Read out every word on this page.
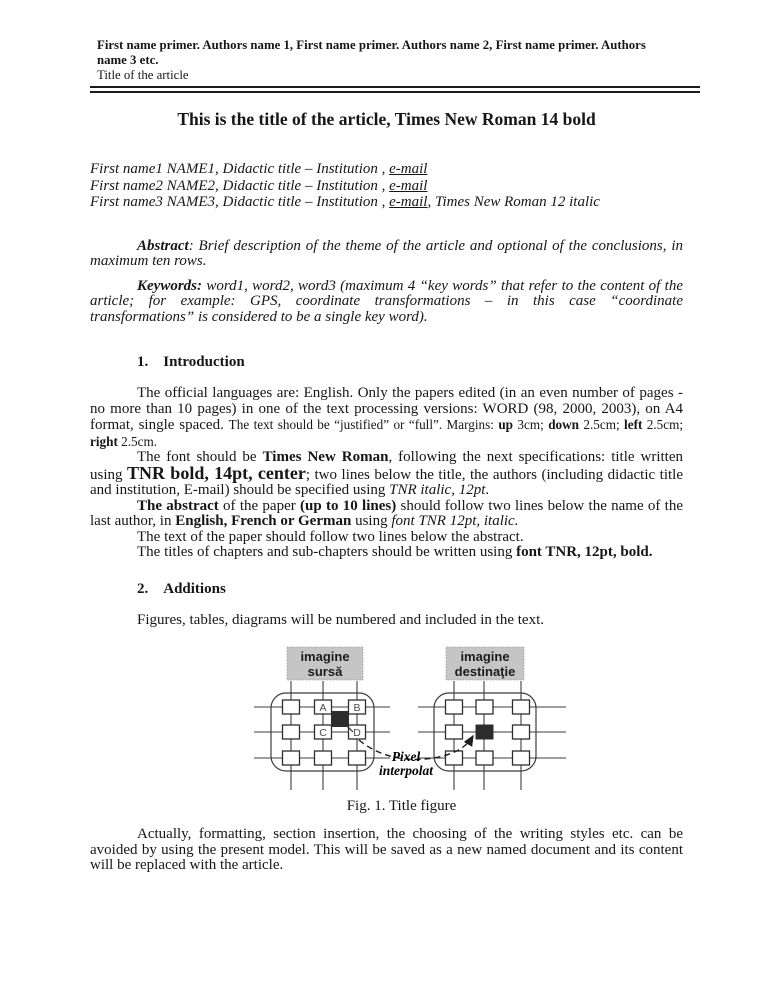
First name primer. Authors name 1, First name primer. Authors name 2, First name primer. Authors name 3 etc.
Title of the article
This is the title of the article, Times New Roman 14 bold

First name1 NAME1, Didactic title – Institution , e-mail

First name2 NAME2, Didactic title – Institution , e-mail

First name3 NAME3, Didactic title – Institution , e-mail, Times New Roman 12 italic

Abstract: Brief description of the theme of the article and optional of the conclusions, in maximum ten rows.

Keywords: word1, word2, word3 (maximum 4 “key words” that refer to the content of the article; for example: GPS, coordinate transformations – in this case “coordinate transformations” is considered to be a single key word).

1. Introduction

The official languages are: English. Only the papers edited (in an even number of pages - no more than 10 pages) in one of the text processing versions: WORD (98, 2000, 2003), on A4 format, single spaced. The text should be “justified” or “full”. Margins: up 3cm; down 2.5cm; left 2.5cm; right 2.5cm.

The font should be Times New Roman, following the next specifications: title written using TNR bold, 14pt, center; two lines below the title, the authors (including didactic title and institution, E-mail) should be specified using TNR italic, 12pt.

The abstract of the paper (up to 10 lines) should follow two lines below the name of the last author, in English, French or German using font TNR 12pt, italic.

The text of the paper should follow two lines below the abstract.

The titles of chapters and sub-chapters should be written using font TNR, 12pt, bold.

2. Additions

Figures, tables, diagrams will be numbered and included in the text.

imagine
sursă
imagine
destinaţie
A	B
C	D
Pixel
interpolat
Fig. 1. Title figure

Actually, formatting, section insertion, the choosing of the writing styles etc. can be avoided by using the present model. This will be saved as a new named document and its content will be replaced with the article.
